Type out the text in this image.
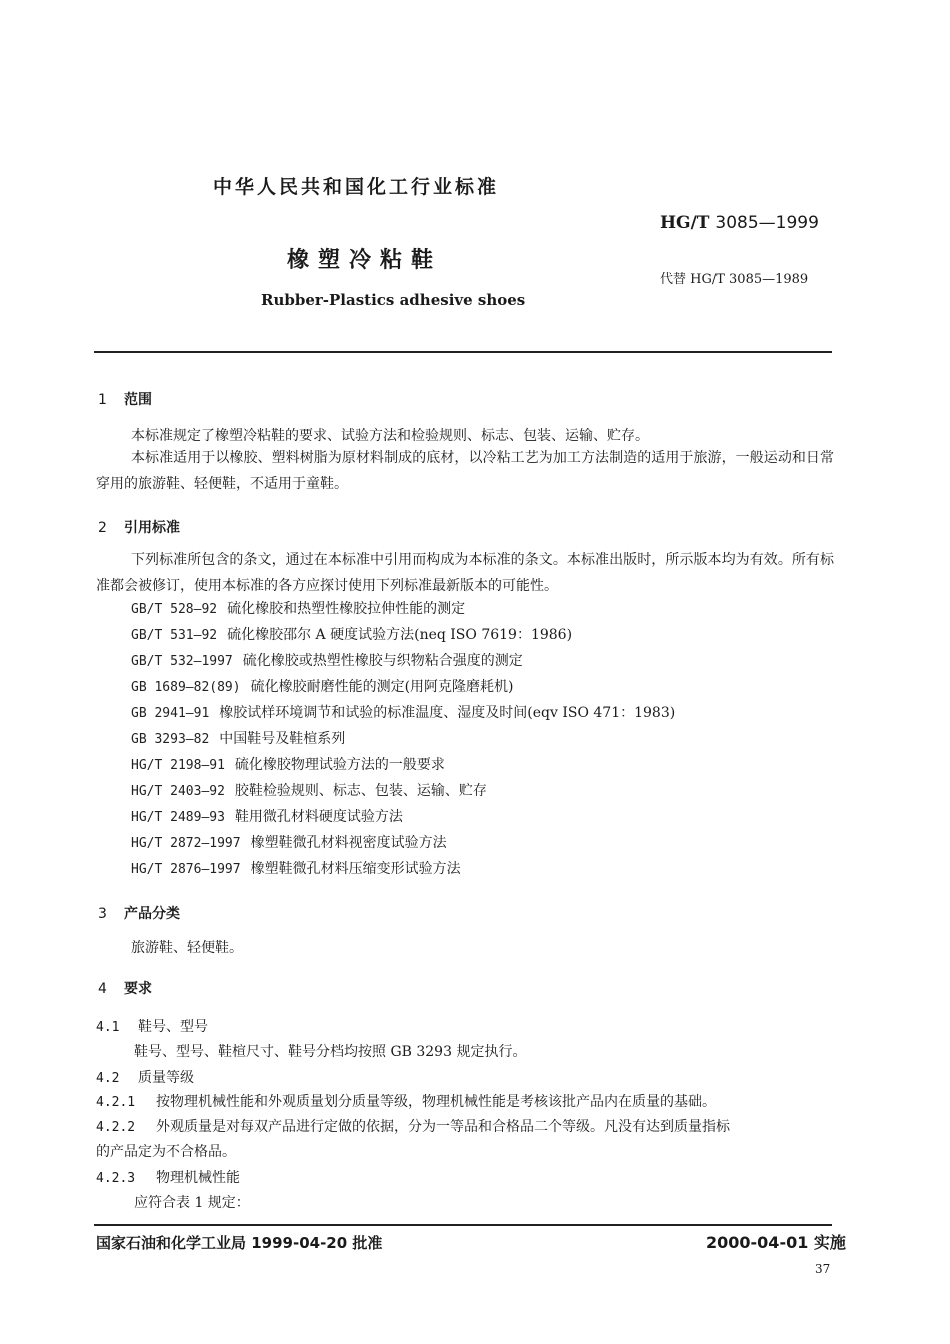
中华人民共和国化工行业标准
HG/T 3085—1999
橡塑冷粘鞋
代替 HG/T 3085—1989
Rubber-Plastics adhesive shoes
1 范围
本标准规定了橡塑冷粘鞋的要求、试验方法和检验规则、标志、包装、运输、贮存。
本标准适用于以橡胶、塑料树脂为原材料制成的底材，以冷粘工艺为加工方法制造的适用于旅游，一般运动和日常穿用的旅游鞋、轻便鞋，不适用于童鞋。
2 引用标准
下列标准所包含的条文，通过在本标准中引用而构成为本标准的条文。本标准出版时，所示版本均为有效。所有标准都会被修订，使用本标准的各方应探讨使用下列标准最新版本的可能性。
GB/T 528—92 硫化橡胶和热塑性橡胶拉伸性能的测定
GB/T 531—92 硫化橡胶邵尔 A 硬度试验方法(neq ISO 7619：1986)
GB/T 532—1997 硫化橡胶或热塑性橡胶与织物粘合强度的测定
GB 1689—82(89) 硫化橡胶耐磨性能的测定(用阿克隆磨耗机)
GB 2941—91 橡胶试样环境调节和试验的标准温度、湿度及时间(eqv ISO 471：1983)
GB 3293—82 中国鞋号及鞋楦系列
HG/T 2198—91 硫化橡胶物理试验方法的一般要求
HG/T 2403—92 胶鞋检验规则、标志、包装、运输、贮存
HG/T 2489—93 鞋用微孔材料硬度试验方法
HG/T 2872—1997 橡塑鞋微孔材料视密度试验方法
HG/T 2876—1997 橡塑鞋微孔材料压缩变形试验方法
3 产品分类
旅游鞋、轻便鞋。
4 要求
4.1 鞋号、型号
鞋号、型号、鞋楦尺寸、鞋号分档均按照 GB 3293 规定执行。
4.2 质量等级
4.2.1 按物理机械性能和外观质量划分质量等级，物理机械性能是考核该批产品内在质量的基础。
4.2.2 外观质量是对每双产品进行定做的依据，分为一等品和合格品二个等级。凡没有达到质量指标
的产品定为不合格品。
4.2.3 物理机械性能
应符合表 1 规定：
国家石油和化学工业局 1999-04-20 批准	2000-04-01 实施
37
